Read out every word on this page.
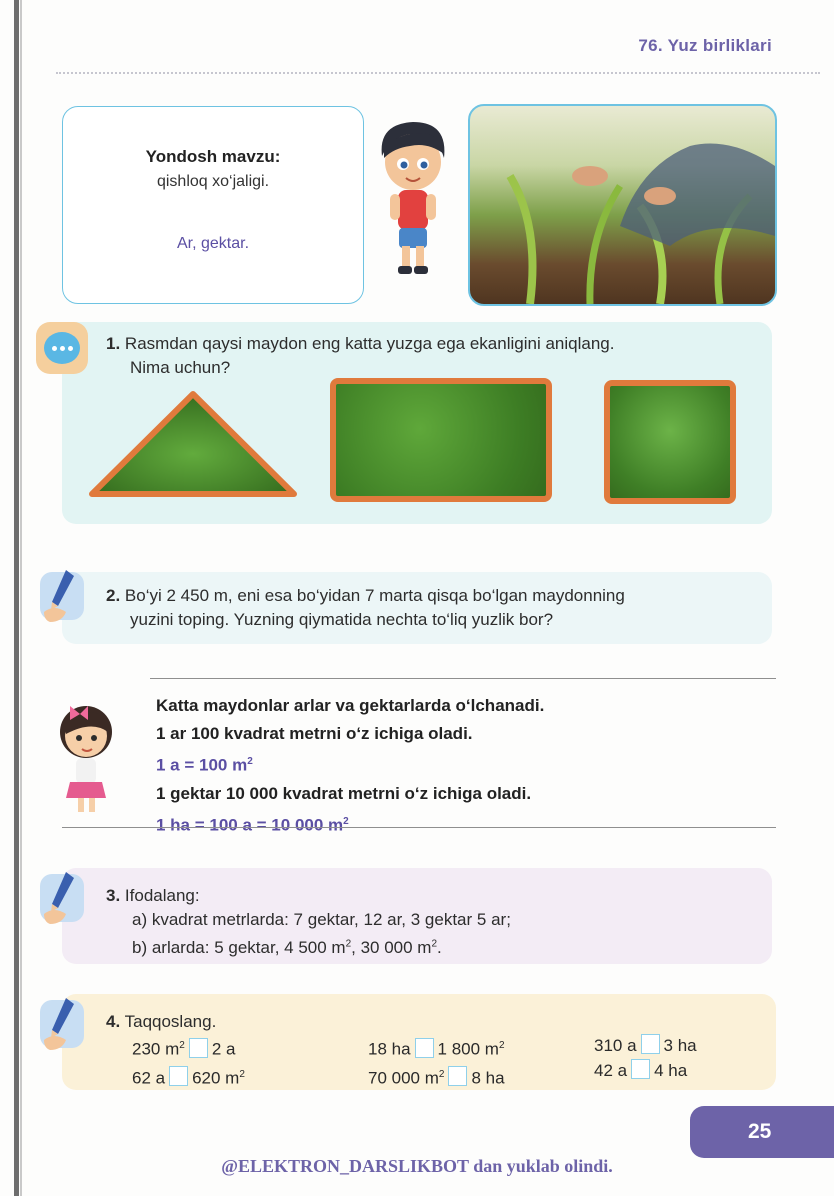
76. Yuz birliklari
Yondosh mavzu:
qishloq xo‘jaligi.
Ar, gektar.
1. Rasmdan qaysi maydon eng katta yuzga ega ekanligini aniqlang.
Nima uchun?
2. Bo‘yi 2 450 m, eni esa bo‘yidan 7 marta qisqa bo‘lgan maydonning
yuzini toping. Yuzning qiymatida nechta to‘liq yuzlik bor?
Katta maydonlar arlar va gektarlarda o‘lchanadi.
1 ar 100 kvadrat metrni o‘z ichiga oladi.
1 a = 100 $m^2$
1 gektar 10 000 kvadrat metrni o‘z ichiga oladi.
1 ha = 100 a = 10 000 $m^2$
3. Ifodalang:
a) kvadrat metrlarda: 7 gektar, 12 ar, 3 gektar 5 ar;
b) arlarda: 5 gektar, 4 500 $m^2$, 30 000 $m^2$.
4. Taqqoslang.
230 $m^2$ 2 a
62 a 620 $m^2$
18 ha 1 800 $m^2$
70 000 $m^2$ 8 ha
310 a 3 ha
42 a 4 ha
25
@ELEKTRON_DARSLIKBOT dan yuklab olindi.
